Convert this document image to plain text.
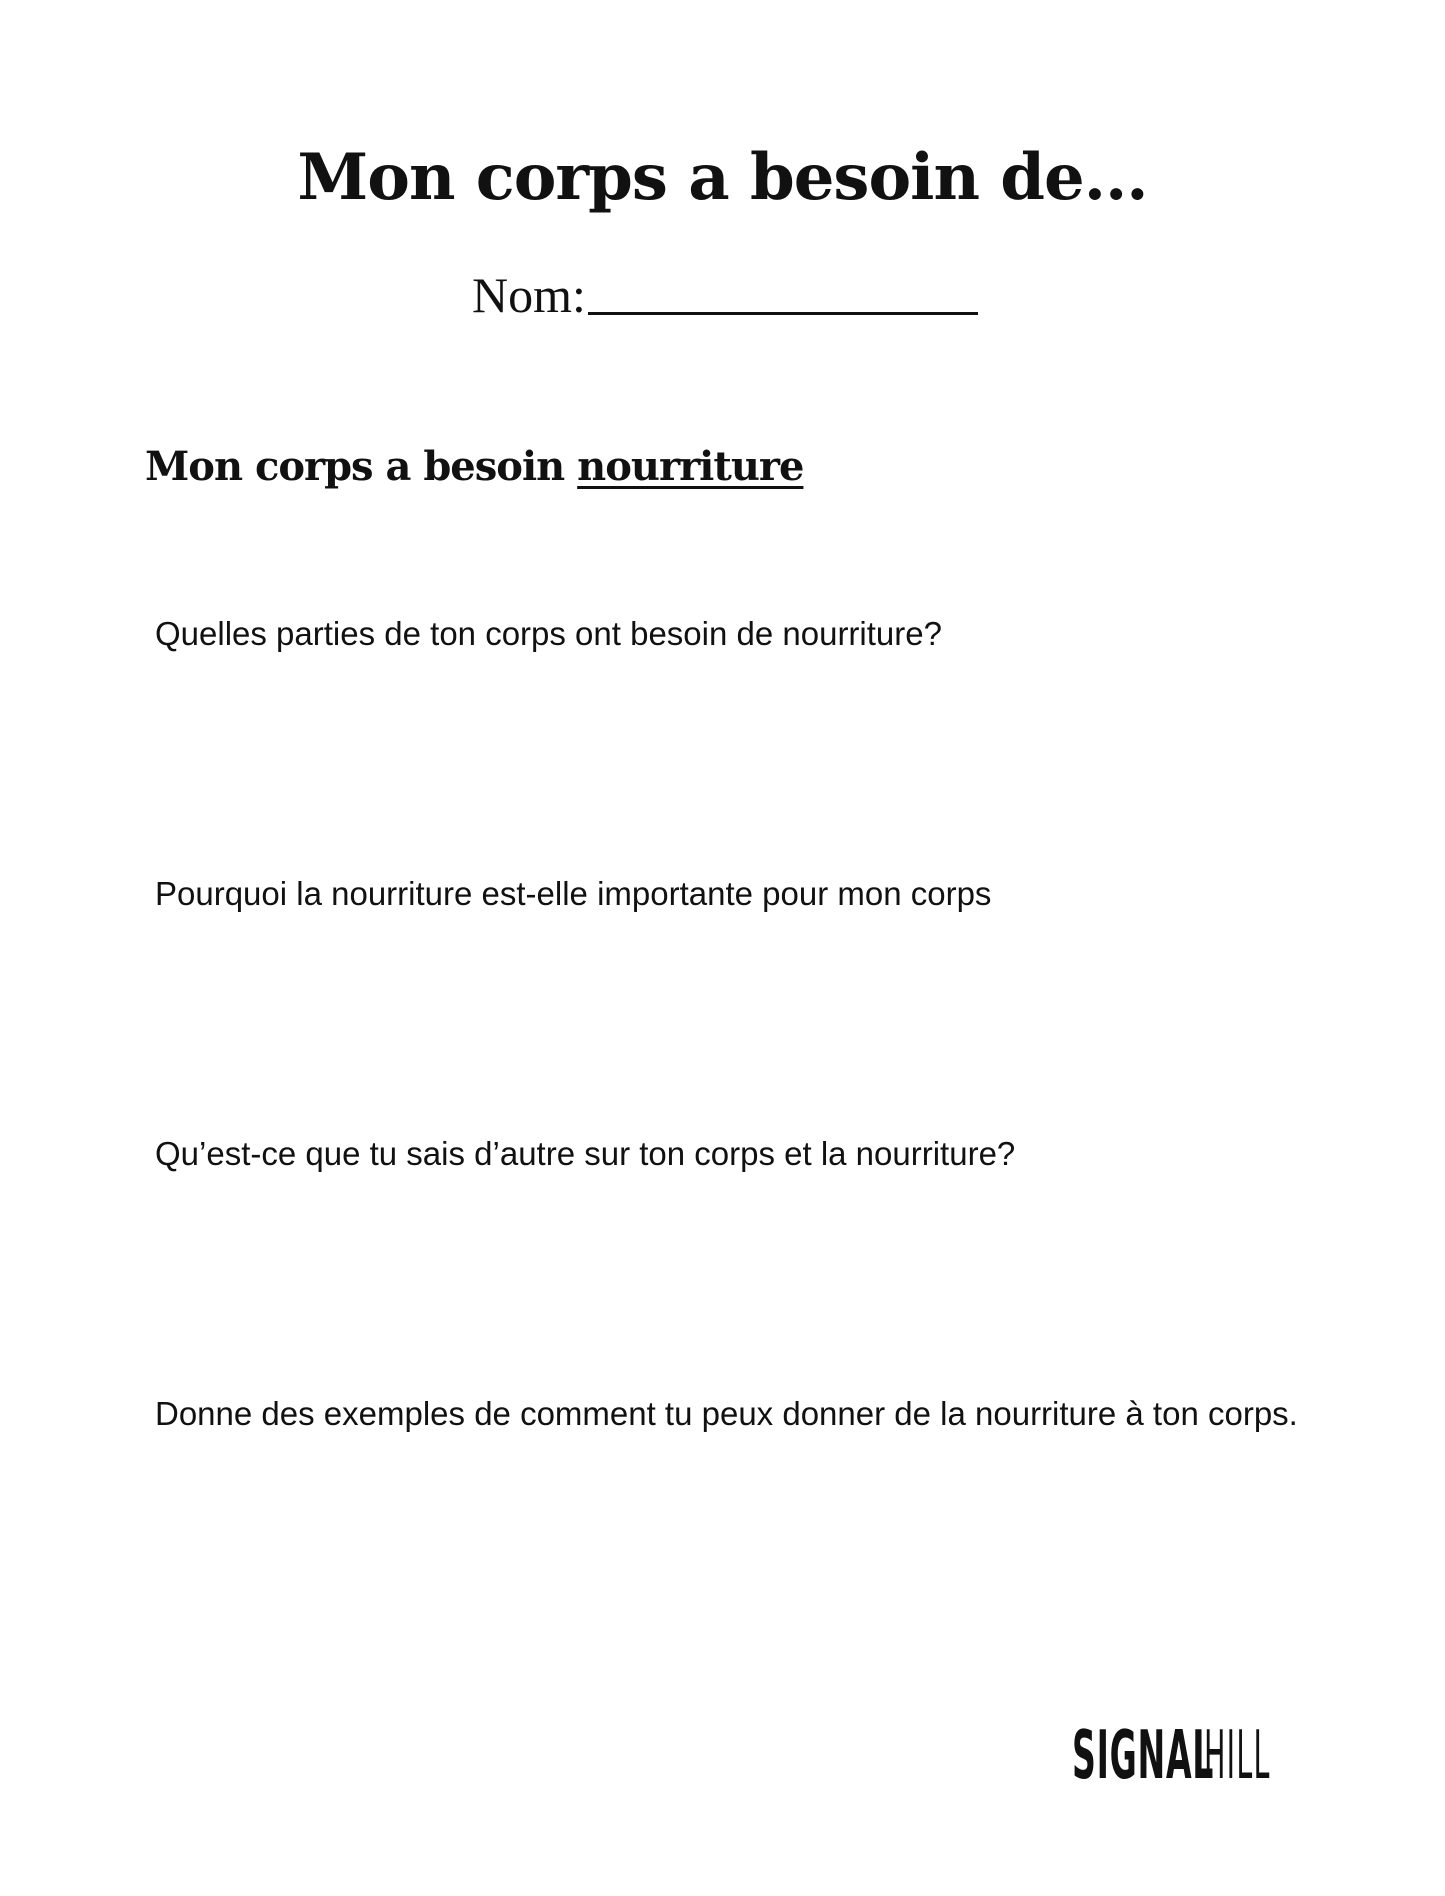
Mon corps a besoin de...
Nom:
Mon corps a besoin nourriture

Quelles parties de ton corps ont besoin de nourriture?

Pourquoi la nourriture est-elle importante pour mon corps

Qu’est-ce que tu sais d’autre sur ton corps et la nourriture?

Donne des exemples de comment tu peux donner de la nourriture à ton corps.

SIGNAL
HILL
